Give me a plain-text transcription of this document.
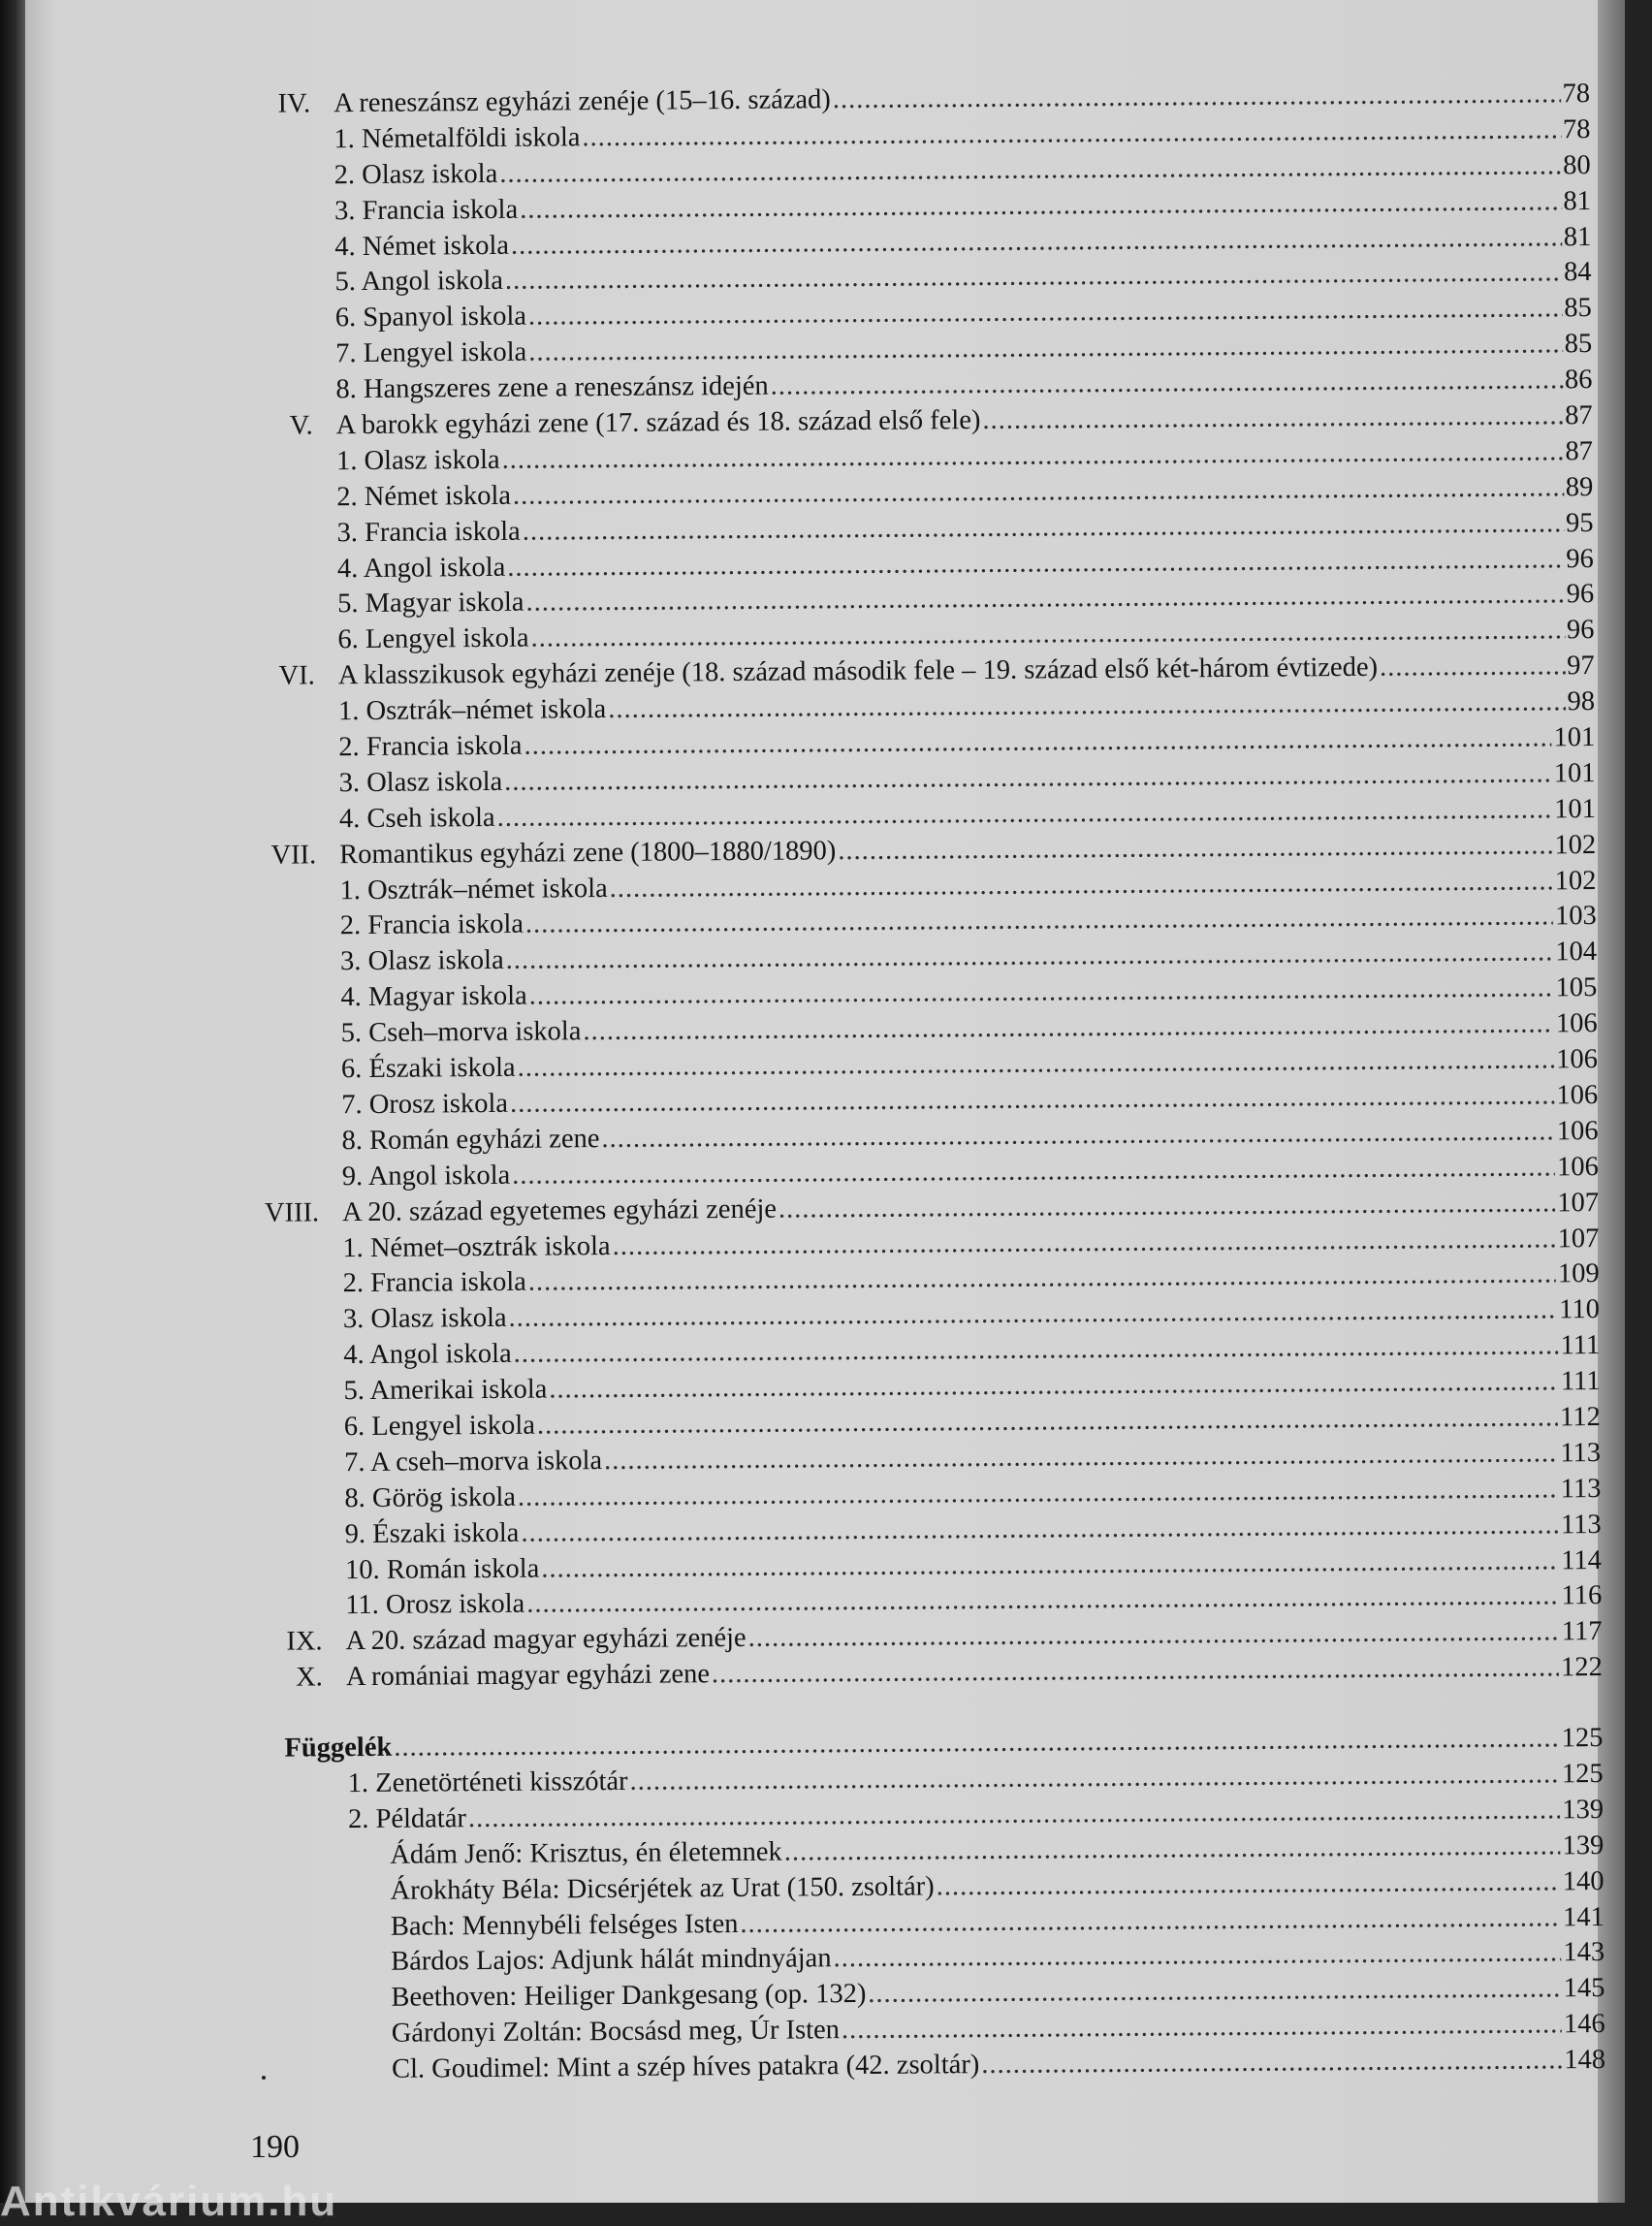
IV. A reneszánsz egyházi zenéje (15–16. század) .....	78
1. Németalföldi iskola .....	78
2. Olasz iskola .....	80
3. Francia iskola .....	81
4. Német iskola .....	81
5. Angol iskola .....	84
6. Spanyol iskola .....	85
7. Lengyel iskola .....	85
8. Hangszeres zene a reneszánsz idején .....	86
V. A barokk egyházi zene (17. század és 18. század első fele) .....	87
1. Olasz iskola .....	87
2. Német iskola .....	89
3. Francia iskola .....	95
4. Angol iskola .....	96
5. Magyar iskola .....	96
6. Lengyel iskola .....	96
VI. A klasszikusok egyházi zenéje (18. század második fele – 19. század első két-három évtizede) .....	97
1. Osztrák–német iskola .....	98
2. Francia iskola .....	101
3. Olasz iskola .....	101
4. Cseh iskola .....	101
VII. Romantikus egyházi zene (1800–1880/1890) .....	102
1. Osztrák–német iskola .....	102
2. Francia iskola .....	103
3. Olasz iskola .....	104
4. Magyar iskola .....	105
5. Cseh–morva iskola .....	106
6. Északi iskola .....	106
7. Orosz iskola .....	106
8. Román egyházi zene .....	106
9. Angol iskola .....	106
VIII. A 20. század egyetemes egyházi zenéje .....	107
1. Német–osztrák iskola .....	107
2. Francia iskola .....	109
3. Olasz iskola .....	110
4. Angol iskola .....	111
5. Amerikai iskola .....	111
6. Lengyel iskola .....	112
7. A cseh–morva iskola .....	113
8. Görög iskola .....	113
9. Északi iskola .....	113
10. Román iskola .....	114
11. Orosz iskola .....	116
IX. A 20. század magyar egyházi zenéje .....	117
X. A romániai magyar egyházi zene .....	122
Függelék .....	125
1. Zenetörténeti kisszótár .....	125
2. Példatár .....	139
Ádám Jenő: Krisztus, én életemnek .....	139
Árokháty Béla: Dicsérjétek az Urat (150. zsoltár) .....	140
Bach: Mennybéli felséges Isten .....	141
Bárdos Lajos: Adjunk hálát mindnyájan .....	143
Beethoven: Heiliger Dankgesang (op. 132) .....	145
Gárdonyi Zoltán: Bocsásd meg, Úr Isten .....	146
Cl. Goudimel: Mint a szép híves patakra (42. zsoltár) .....	148
190
Antikvárium.hu
